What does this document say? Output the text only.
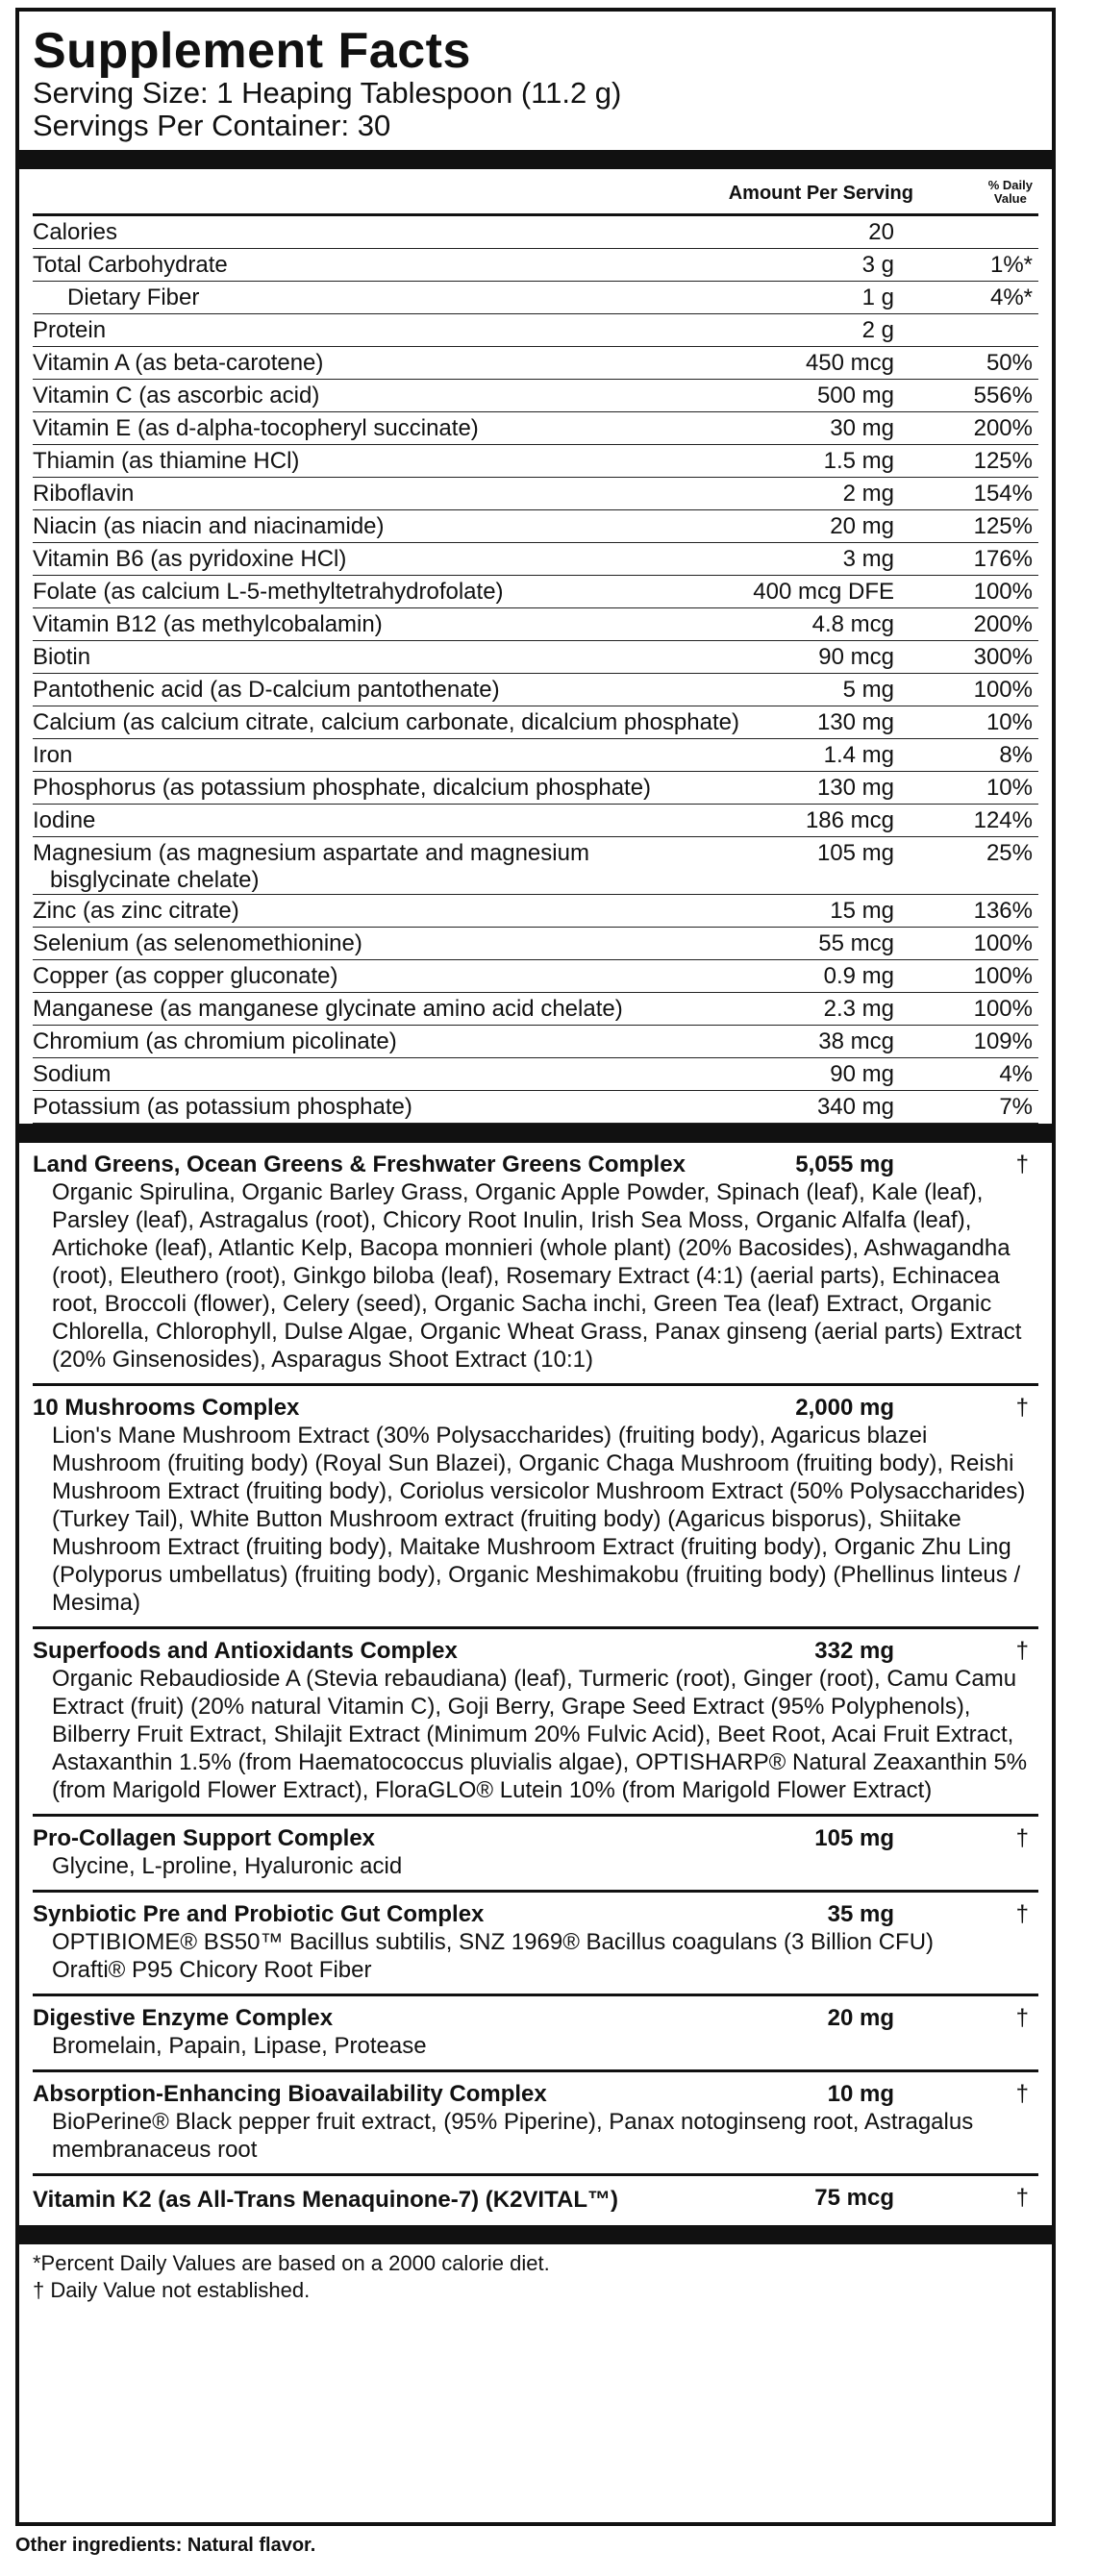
Supplement Facts
Serving Size: 1 Heaping Tablespoon (11.2 g)
Servings Per Container: 30
Amount Per Serving	% Daily
Value
Calories	20
Total Carbohydrate	3 g	1%*
Dietary Fiber	1 g	4%*
Protein	2 g
Vitamin A (as beta-carotene)	450 mcg	50%
Vitamin C (as ascorbic acid)	500 mg	556%
Vitamin E (as d-alpha-tocopheryl succinate)	30 mg	200%
Thiamin (as thiamine HCl)	1.5 mg	125%
Riboflavin	2 mg	154%
Niacin (as niacin and niacinamide)	20 mg	125%
Vitamin B6 (as pyridoxine HCl)	3 mg	176%
Folate (as calcium L-5-methyltetrahydrofolate)	400 mcg DFE	100%
Vitamin B12 (as methylcobalamin)	4.8 mcg	200%
Biotin	90 mcg	300%
Pantothenic acid (as D-calcium pantothenate)	5 mg	100%
Calcium (as calcium citrate, calcium carbonate, dicalcium phosphate)	130 mg	10%
Iron	1.4 mg	8%
Phosphorus (as potassium phosphate, dicalcium phosphate)	130 mg	10%
Iodine	186 mcg	124%
Magnesium (as magnesium aspartate and magnesium
bisglycinate chelate)
105 mg	25%
Zinc (as zinc citrate)	15 mg	136%
Selenium (as selenomethionine)	55 mcg	100%
Copper (as copper gluconate)	0.9 mg	100%
Manganese (as manganese glycinate amino acid chelate)	2.3 mg	100%
Chromium (as chromium picolinate)	38 mcg	109%
Sodium	90 mg	4%
Potassium (as potassium phosphate)	340 mg	7%
Land Greens, Ocean Greens & Freshwater Greens Complex	5,055 mg	†
Organic Spirulina, Organic Barley Grass, Organic Apple Powder, Spinach (leaf), Kale (leaf), Parsley (leaf), Astragalus (root), Chicory Root Inulin, Irish Sea Moss, Organic Alfalfa (leaf), Artichoke (leaf), Atlantic Kelp, Bacopa monnieri (whole plant) (20% Bacosides), Ashwagandha (root), Eleuthero (root), Ginkgo biloba (leaf), Rosemary Extract (4:1) (aerial parts), Echinacea root, Broccoli (flower), Celery (seed), Organic Sacha inchi, Green Tea (leaf) Extract, Organic Chlorella, Chlorophyll, Dulse Algae, Organic Wheat Grass, Panax ginseng (aerial parts) Extract (20% Ginsenosides), Asparagus Shoot Extract (10:1)
10 Mushrooms Complex	2,000 mg	†
Lion's Mane Mushroom Extract (30% Polysaccharides) (fruiting body), Agaricus blazei Mushroom (fruiting body) (Royal Sun Blazei), Organic Chaga Mushroom (fruiting body), Reishi Mushroom Extract (fruiting body), Coriolus versicolor Mushroom Extract (50% Polysaccharides) (Turkey Tail), White Button Mushroom extract (fruiting body) (Agaricus bisporus), Shiitake Mushroom Extract (fruiting body), Maitake Mushroom Extract (fruiting body), Organic Zhu Ling (Polyporus umbellatus) (fruiting body), Organic Meshimakobu (fruiting body) (Phellinus linteus / Mesima)
Superfoods and Antioxidants Complex	332 mg	†
Organic Rebaudioside A (Stevia rebaudiana) (leaf), Turmeric (root), Ginger (root), Camu Camu Extract (fruit) (20% natural Vitamin C), Goji Berry, Grape Seed Extract (95% Polyphenols), Bilberry Fruit Extract, Shilajit Extract (Minimum 20% Fulvic Acid), Beet Root, Acai Fruit Extract, Astaxanthin 1.5% (from Haematococcus pluvialis algae), OPTISHARP® Natural Zeaxanthin 5% (from Marigold Flower Extract), FloraGLO® Lutein 10% (from Marigold Flower Extract)
Pro-Collagen Support Complex	105 mg	†
Glycine, L-proline, Hyaluronic acid
Synbiotic Pre and Probiotic Gut Complex	35 mg	†
OPTIBIOME® BS50™ Bacillus subtilis, SNZ 1969® Bacillus coagulans (3 Billion CFU)
Orafti® P95 Chicory Root Fiber
Digestive Enzyme Complex	20 mg	†
Bromelain, Papain, Lipase, Protease
Absorption-Enhancing Bioavailability Complex	10 mg	†
BioPerine® Black pepper fruit extract, (95% Piperine), Panax notoginseng root, Astragalus membranaceus root
Vitamin K2 (as All-Trans Menaquinone-7) (K2VITAL™)	75 mcg	†
*Percent Daily Values are based on a 2000 calorie diet.
† Daily Value not established.
Other ingredients: Natural flavor.
